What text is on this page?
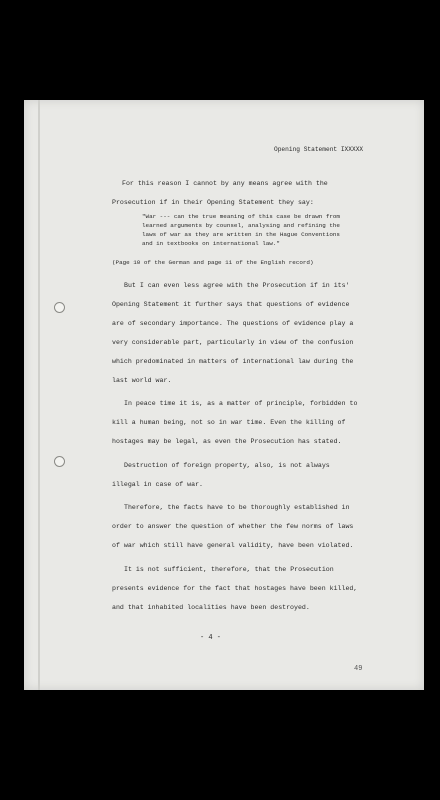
Opening Statement IXXXXX
For this reason I cannot by any means agree with the
Prosecution if in their Opening Statement they say:
"War --- can the true meaning of this case be drawn from
learned arguments by counsel, analysing and refining the
laws of war as they are written in the Hague Conventions
and in textbooks on international law."
(Page 10 of the German and page 11 of the English record)
But I can even less agree with the Prosecution if in its'
Opening Statement it further says that questions of evidence
are of secondary importance. The questions of evidence play a
very considerable part, particularly in view of the confusion
which predominated in matters of international law during the
last world war.
In peace time it is, as a matter of principle, forbidden to
kill a human being, not so in war time. Even the killing of
hostages may be legal, as even the Prosecution has stated.
Destruction of foreign property, also, is not always
illegal in case of war.
Therefore, the facts have to be thoroughly established in
order to answer the question of whether the few norms of laws
of war which still have general validity, have been violated.
It is not sufficient, therefore, that the Prosecution
presents evidence for the fact that hostages have been killed,
and that inhabited localities have been destroyed.
- 4 -
49
